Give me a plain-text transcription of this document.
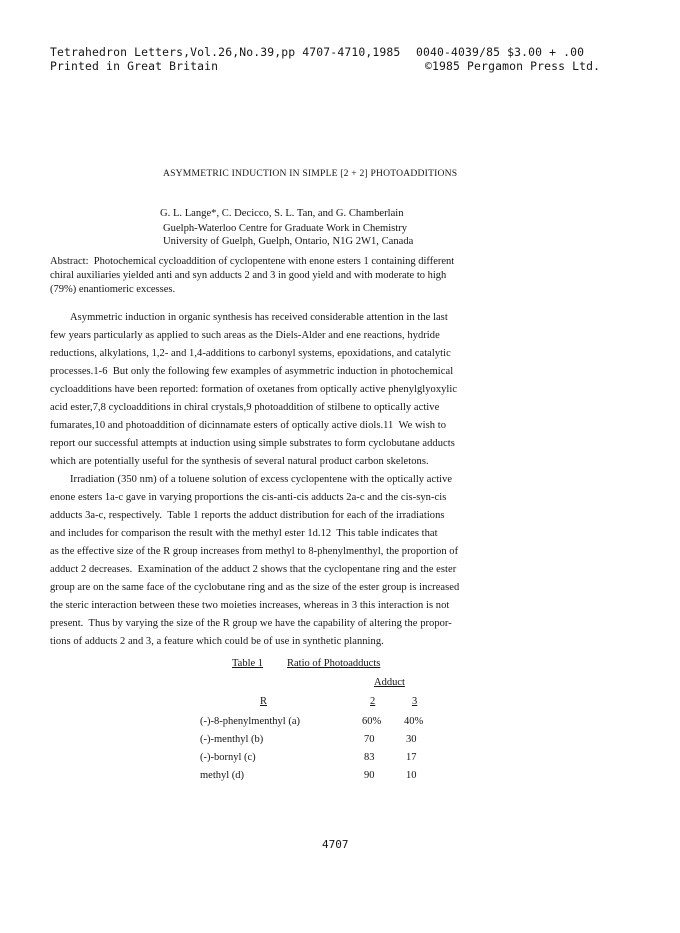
Tetrahedron Letters,Vol.26,No.39,pp 4707-4710,1985
Printed in Great Britain
0040-4039/85 $3.00 + .00
©1985 Pergamon Press Ltd.
ASYMMETRIC INDUCTION IN SIMPLE [2 + 2] PHOTOADDITIONS
G. L. Lange*, C. Decicco, S. L. Tan, and G. Chamberlain
Guelph-Waterloo Centre for Graduate Work in Chemistry
University of Guelph, Guelph, Ontario, N1G 2W1, Canada
Abstract:  Photochemical cycloaddition of cyclopentene with enone esters 1 containing different
chiral auxiliaries yielded anti and syn adducts 2 and 3 in good yield and with moderate to high
(79%) enantiomeric excesses.
Asymmetric induction in organic synthesis has received considerable attention in the last
few years particularly as applied to such areas as the Diels-Alder and ene reactions, hydride
reductions, alkylations, 1,2- and 1,4-additions to carbonyl systems, epoxidations, and catalytic
processes.1-6  But only the following few examples of asymmetric induction in photochemical
cycloadditions have been reported: formation of oxetanes from optically active phenylglyoxylic
acid ester,7,8 cycloadditions in chiral crystals,9 photoaddition of stilbene to optically active
fumarates,10 and photoaddition of dicinnamate esters of optically active diols.11  We wish to
report our successful attempts at induction using simple substrates to form cyclobutane adducts
which are potentially useful for the synthesis of several natural product carbon skeletons.
Irradiation (350 nm) of a toluene solution of excess cyclopentene with the optically active
enone esters 1a-c gave in varying proportions the cis-anti-cis adducts 2a-c and the cis-syn-cis
adducts 3a-c, respectively.  Table 1 reports the adduct distribution for each of the irradiations
and includes for comparison the result with the methyl ester 1d.12  This table indicates that
as the effective size of the R group increases from methyl to 8-phenylmenthyl, the proportion of
adduct 2 decreases.  Examination of the adduct 2 shows that the cyclopentane ring and the ester
group are on the same face of the cyclobutane ring and as the size of the ester group is increased
the steric interaction between these two moieties increases, whereas in 3 this interaction is not
present.  Thus by varying the size of the R group we have the capability of altering the propor-
tions of adducts 2 and 3, a feature which could be of use in synthetic planning.
Table 1 Ratio of Photoadducts
Adduct
R	2	3
(-)-8-phenylmenthyl (a)	60% 40%
(-)-menthyl (b)	70	30
(-)-bornyl (c)	83	17
methyl (d)	90	10
4707
